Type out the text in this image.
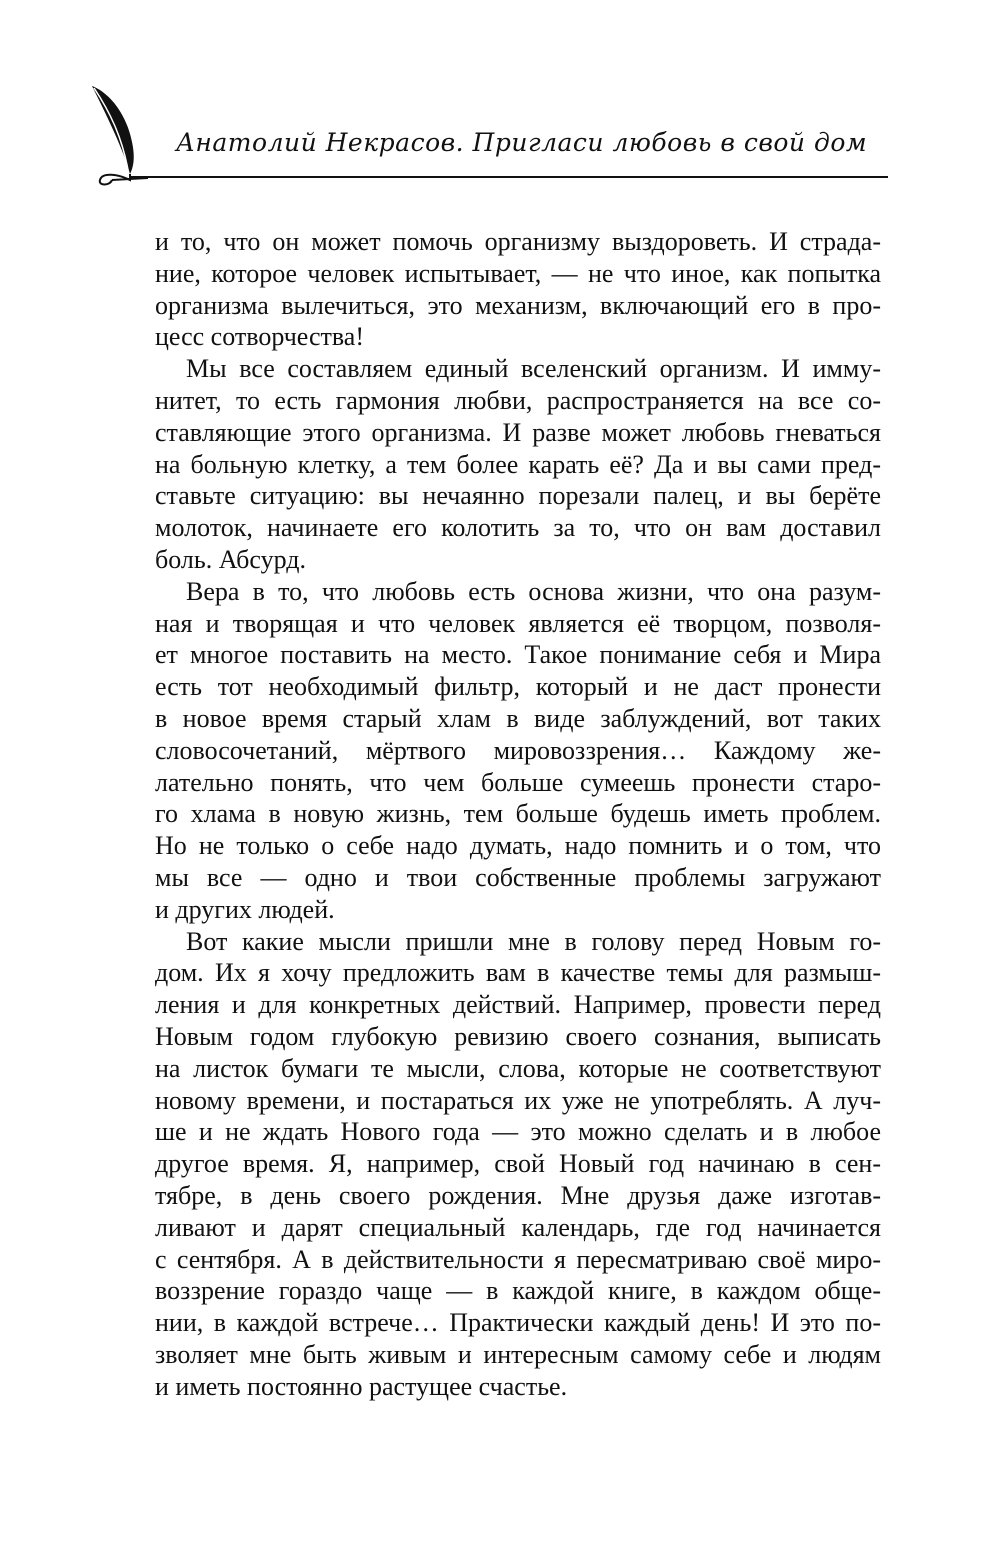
Анатолий Некрасов. Пригласи любовь в свой дом
и то, что он может помочь организму выздороветь. И страда-
ние, которое человек испытывает, — не что иное, как попытка
организма вылечиться, это механизм, включающий его в про-
цесс сотворчества!
Мы все составляем единый вселенский организм. И имму-
нитет, то есть гармония любви, распространяется на все со-
ставляющие этого организма. И разве может любовь гневаться
на больную клетку, а тем более карать её? Да и вы сами пред-
ставьте ситуацию: вы нечаянно порезали палец, и вы берёте
молоток, начинаете его колотить за то, что он вам доставил
боль. Абсурд.
Вера в то, что любовь есть основа жизни, что она разум-
ная и творящая и что человек является её творцом, позволя-
ет многое поставить на место. Такое понимание себя и Мира
есть тот необходимый фильтр, который и не даст пронести
в новое время старый хлам в виде заблуждений, вот таких
словосочетаний, мёртвого мировоззрения… Каждому же-
лательно понять, что чем больше сумеешь пронести старо-
го хлама в новую жизнь, тем больше будешь иметь проблем.
Но не только о себе надо думать, надо помнить и о том, что
мы все — одно и твои собственные проблемы загружают
и других людей.
Вот какие мысли пришли мне в голову перед Новым го-
дом. Их я хочу предложить вам в качестве темы для размыш-
ления и для конкретных действий. Например, провести перед
Новым годом глубокую ревизию своего сознания, выписать
на листок бумаги те мысли, слова, которые не соответствуют
новому времени, и постараться их уже не употреблять. А луч-
ше и не ждать Нового года — это можно сделать и в любое
другое время. Я, например, свой Новый год начинаю в сен-
тябре, в день своего рождения. Мне друзья даже изготав-
ливают и дарят специальный календарь, где год начинается
с сентября. А в действительности я пересматриваю своё миро-
воззрение гораздо чаще — в каждой книге, в каждом обще-
нии, в каждой встрече… Практически каждый день! И это по-
зволяет мне быть живым и интересным самому себе и людям
и иметь постоянно растущее счастье.
